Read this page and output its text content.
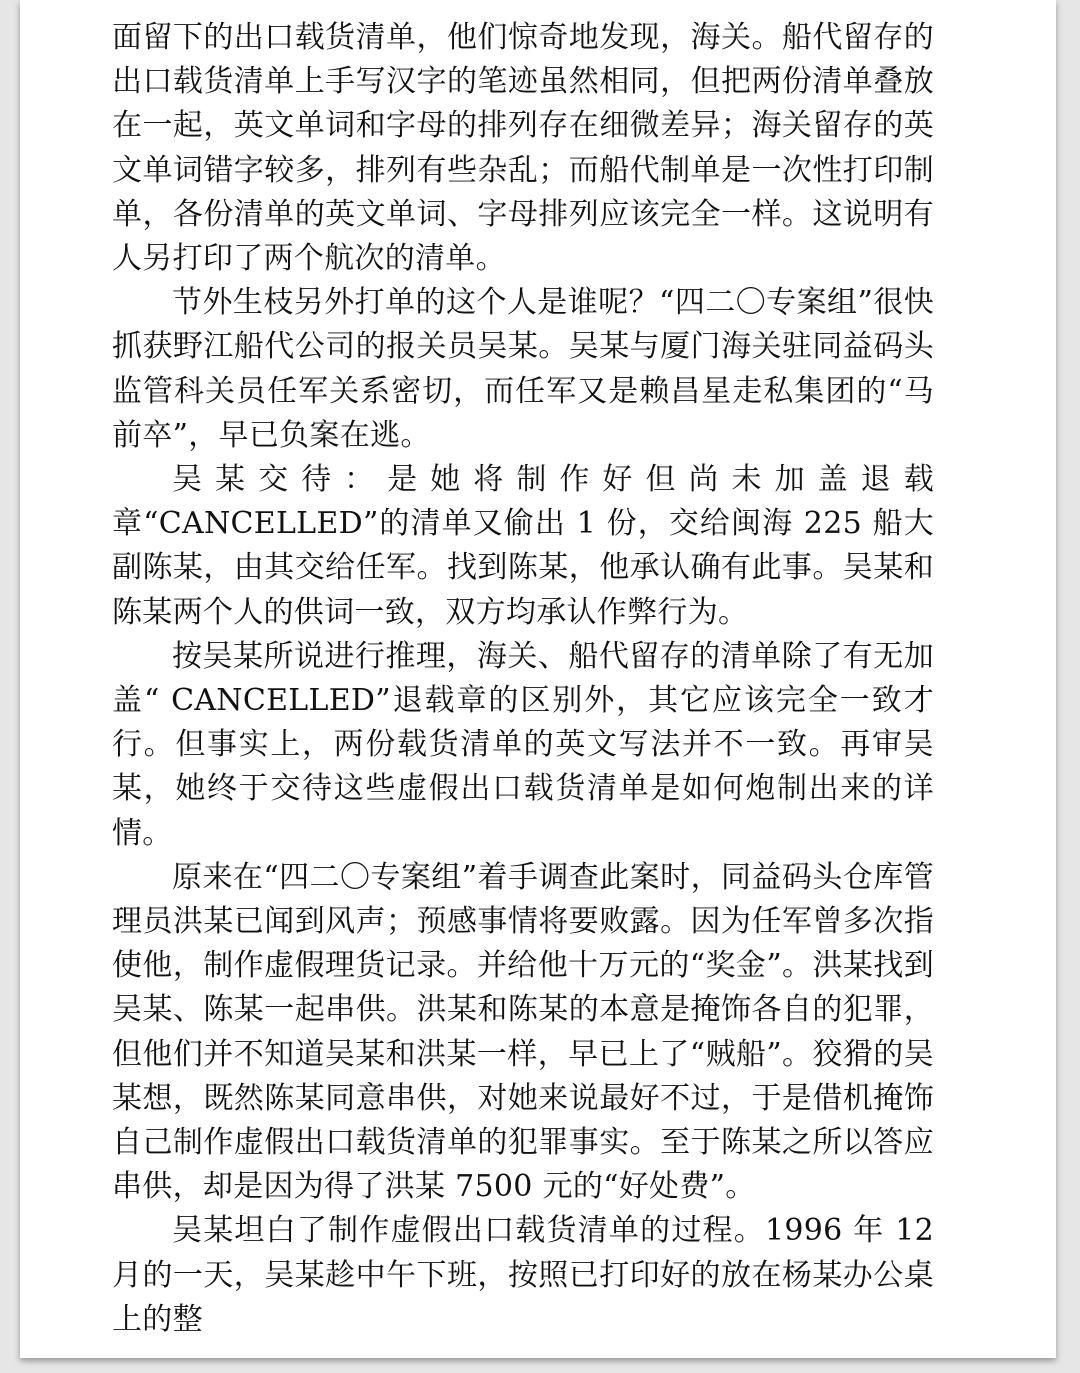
面留下的出口载货清单，他们惊奇地发现，海关。船代留存的出口载货清单上手写汉字的笔迹虽然相同，但把两份清单叠放在一起，英文单词和字母的排列存在细微差异；海关留存的英文单词错字较多，排列有些杂乱；而船代制单是一次性打印制单，各份清单的英文单词、字母排列应该完全一样。这说明有人另打印了两个航次的清单。

节外生枝另外打单的这个人是谁呢？“四二〇专案组”很快抓获野江船代公司的报关员吴某。吴某与厦门海关驻同益码头监管科关员任军关系密切，而任军又是赖昌星走私集团的“马前卒”，早已负案在逃。

吴某交待：是她将制作好但尚未加盖退载章“CANCELLED”的清单又偷出 1 份，交给闽海 225 船大副陈某，由其交给任军。找到陈某，他承认确有此事。吴某和陈某两个人的供词一致，双方均承认作弊行为。

按吴某所说进行推理，海关、船代留存的清单除了有无加盖“ CANCELLED”退载章的区别外，其它应该完全一致才行。但事实上，两份载货清单的英文写法并不一致。再审吴某，她终于交待这些虚假出口载货清单是如何炮制出来的详情。

原来在“四二〇专案组”着手调查此案时，同益码头仓库管理员洪某已闻到风声；预感事情将要败露。因为任军曾多次指使他，制作虚假理货记录。并给他十万元的“奖金”。洪某找到吴某、陈某一起串供。洪某和陈某的本意是掩饰各自的犯罪，但他们并不知道吴某和洪某一样，早已上了“贼船”。狡猾的吴某想，既然陈某同意串供，对她来说最好不过，于是借机掩饰自己制作虚假出口载货清单的犯罪事实。至于陈某之所以答应串供，却是因为得了洪某 7500 元的“好处费”。

吴某坦白了制作虚假出口载货清单的过程。1996 年 12 月的一天，吴某趁中午下班，按照已打印好的放在杨某办公桌上的整
